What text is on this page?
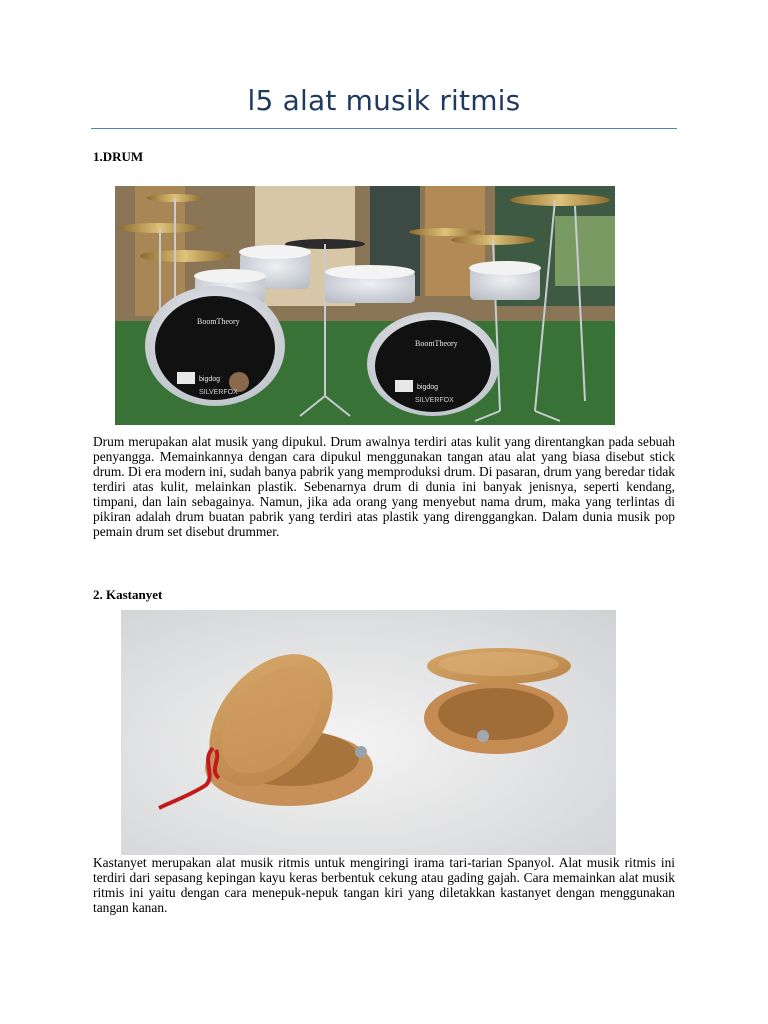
l5 alat musik ritmis
1.DRUM
BoomTheory
bigdog
SILVERFOX
BoomTheory
bigdog
SILVERFOX
Drum merupakan alat musik yang dipukul. Drum awalnya terdiri atas kulit yang direntangkan pada sebuah penyangga. Memainkannya dengan cara dipukul menggunakan tangan atau alat yang biasa disebut stick drum. Di era modern ini, sudah banya pabrik yang memproduksi drum. Di pasaran, drum yang beredar tidak terdiri atas kulit, melainkan plastik. Sebenarnya drum di dunia ini banyak jenisnya, seperti kendang, timpani, dan lain sebagainya. Namun, jika ada orang yang menyebut nama drum, maka yang terlintas di pikiran adalah drum buatan pabrik yang terdiri atas plastik yang direnggangkan. Dalam dunia musik pop pemain drum set disebut drummer.
2. Kastanyet
Kastanyet merupakan alat musik ritmis untuk mengiringi irama tari-tarian Spanyol. Alat musik ritmis ini terdiri dari sepasang kepingan kayu keras berbentuk cekung atau gading gajah. Cara memainkan alat musik ritmis ini yaitu dengan cara menepuk-nepuk tangan kiri yang diletakkan kastanyet dengan menggunakan tangan kanan.
